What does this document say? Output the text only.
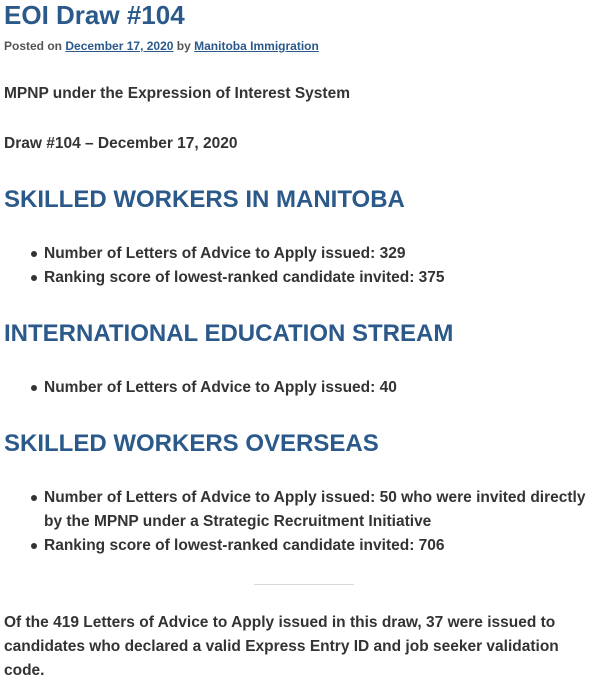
EOI Draw #104
Posted on December 17, 2020 by Manitoba Immigration
MPNP under the Expression of Interest System
Draw #104 – December 17, 2020
SKILLED WORKERS IN MANITOBA
Number of Letters of Advice to Apply issued: 329
Ranking score of lowest-ranked candidate invited: 375
INTERNATIONAL EDUCATION STREAM
Number of Letters of Advice to Apply issued: 40
SKILLED WORKERS OVERSEAS
Number of Letters of Advice to Apply issued: 50 who were invited directly by the MPNP under a Strategic Recruitment Initiative
Ranking score of lowest-ranked candidate invited: 706
Of the 419 Letters of Advice to Apply issued in this draw, 37 were issued to candidates who declared a valid Express Entry ID and job seeker validation code.
